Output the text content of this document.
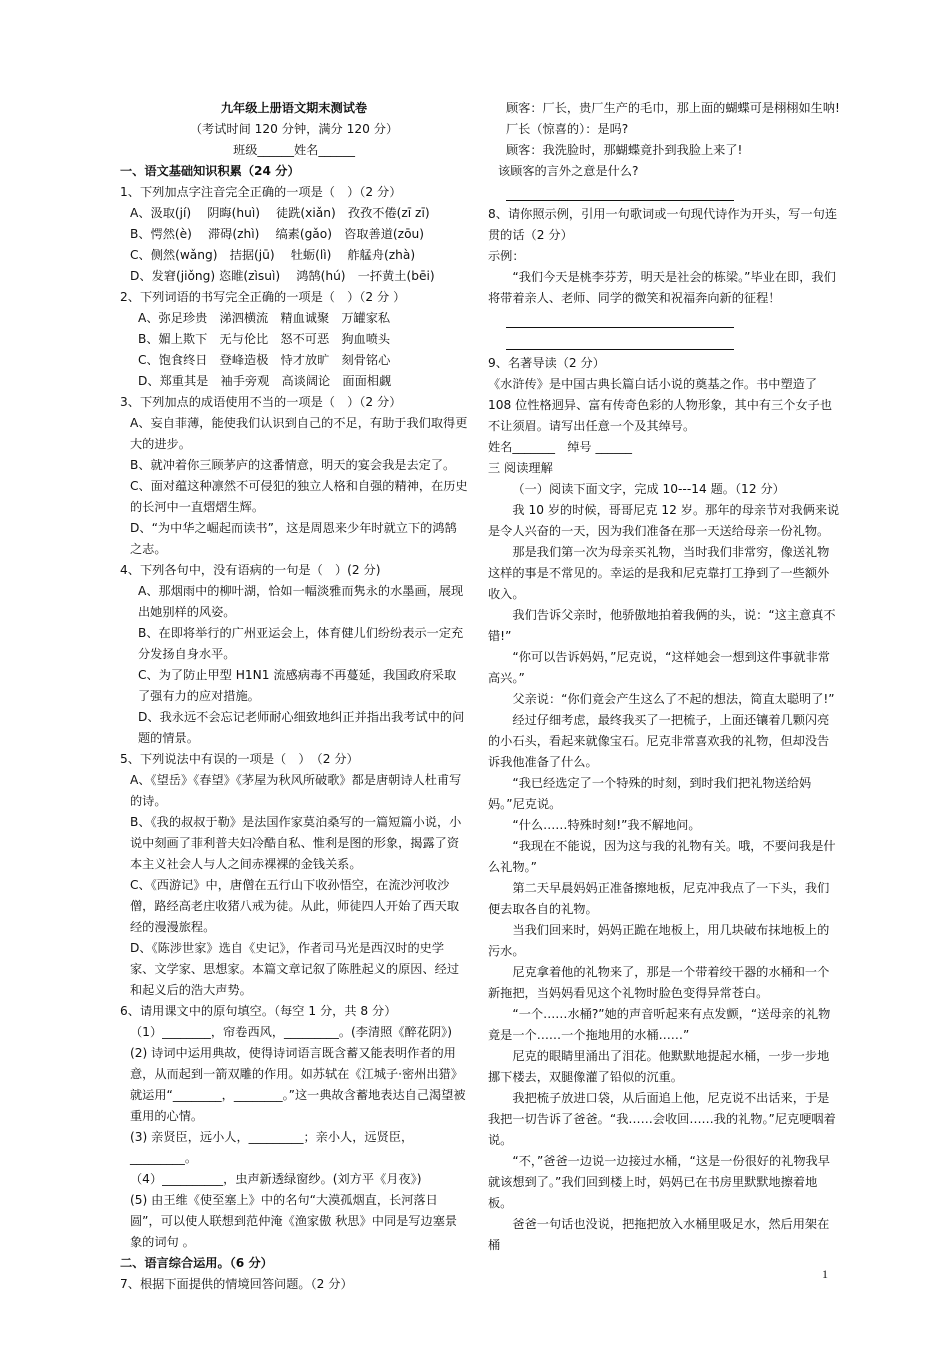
九年级上册语文期末测试卷

（考试时间 120 分钟，满分 120 分）

班级______姓名______

一、语文基础知识积累（24 分）

1、下列加点字注音完全正确的一项是（　）（2 分）

A、汲取(jí)　 阴晦(huì)　 徒跣(xiǎn)　孜孜不倦(zī zī)

B、愕然(è)　 滞碍(zhì)　 缟素(gǎo)　咨取善道(zōu)

C、侧然(wǎng)　拮据(jū)　 牡蛎(lì)　 舴艋舟(zhà)

D、发窘(jiǒng) 恣睢(zìsuì)　 鸿鹄(hú)　一抔黄土(bēi)

2、下列词语的书写完全正确的一项是（　）（2 分 ）

A、弥足珍贵　涕泗横流　精血诚聚　万罐家私

B、媚上欺下　无与伦比　怒不可恶　狗血喷头

C、饱食终日　登峰造极　恃才放旷　刻骨铭心

D、郑重其是　袖手旁观　高谈阔论　面面相觑

3、下列加点的成语使用不当的一项是（　）（2 分）

A、妄自菲薄，能使我们认识到自己的不足，有助于我们取得更大的进步。

B、就冲着你三顾茅庐的这番情意，明天的宴会我是去定了。

C、面对蕴这种凛然不可侵犯的独立人格和自强的精神，在历史的长河中一直熠熠生辉。

D、“为中华之崛起而读书”，这是周恩来少年时就立下的鸿鹄之志。

4、下列各句中，没有语病的一句是（　）(2 分)

A、那烟雨中的柳叶湖，恰如一幅淡雅而隽永的水墨画，展现出她别样的风姿。

B、在即将举行的广州亚运会上，体育健儿们纷纷表示一定充分发扬自身水平。

C、为了防止甲型 H1N1 流感病毒不再蔓延，我国政府采取了强有力的应对措施。

D、我永远不会忘记老师耐心细致地纠正并指出我考试中的问题的情景。

5、下列说法中有误的一项是（　）　（2 分）

A、《望岳》《春望》《茅屋为秋风所破歌》都是唐朝诗人杜甫写的诗。

B、《我的叔叔于勒》是法国作家莫泊桑写的一篇短篇小说，小说中刻画了菲利普夫妇冷酷自私、惟利是图的形象，揭露了资本主义社会人与人之间赤裸裸的金钱关系。

C、《西游记》中，唐僧在五行山下收孙悟空，在流沙河收沙僧，路经高老庄收猪八戒为徒。从此，师徒四人开始了西天取经的漫漫旅程。

D、《陈涉世家》选自《史记》，作者司马光是西汉时的史学家、文学家、思想家。本篇文章记叙了陈胜起义的原因、经过和起义后的浩大声势。

6、请用课文中的原句填空。（每空 1 分，共 8 分）

（1）________，帘卷西风，_________。(李清照《醉花阴》)

(2) 诗词中运用典故，使得诗词语言既含蓄又能表明作者的用意，从而起到一箭双雕的作用。如苏轼在《江城子·密州出猎》就运用“________，________。”这一典故含蓄地表达自己渴望被重用的心情。

(3) 亲贤臣，远小人，_________；亲小人，远贤臣，_________。

（4）__________，虫声新透绿窗纱。(刘方平《月夜》)

(5) 由王维《使至塞上》中的名句“大漠孤烟直，长河落日圆”，可以使人联想到范仲淹《渔家傲 秋思》中同是写边塞景象的词句 。

二、语言综合运用。（6 分）

7、根据下面提供的情境回答问题。（2 分）

顾客：厂长，贵厂生产的毛巾，那上面的蝴蝶可是栩栩如生呐!

厂长（惊喜的）：是吗?

顾客：我洗脸时，那蝴蝶竟扑到我脸上来了!

该顾客的言外之意是什么?

8、请你照示例，引用一句歌词或一句现代诗作为开头，写一句连贯的话（2 分）

示例：

“我们今天是桃李芬芳，明天是社会的栋梁。”毕业在即，我们将带着亲人、老师、同学的微笑和祝福奔向新的征程！

9、名著导读（2 分）

《水浒传》是中国古典长篇白话小说的奠基之作。书中塑造了 108 位性格迥异、富有传奇色彩的人物形象，其中有三个女子也不让须眉。请写出任意一个及其绰号。

姓名_______　绰号 ______

三 阅读理解

（一）阅读下面文字，完成 10---14 题。（12 分）

我 10 岁的时候，哥哥尼克 12 岁。那年的母亲节对我俩来说是令人兴奋的一天，因为我们准备在那一天送给母亲一份礼物。

那是我们第一次为母亲买礼物，当时我们非常穷，像送礼物这样的事是不常见的。幸运的是我和尼克靠打工挣到了一些额外收入。

我们告诉父亲时，他骄傲地拍着我俩的头，说：“这主意真不错!”

“你可以告诉妈妈，”尼克说，“这样她会一想到这件事就非常高兴。”

父亲说：“你们竟会产生这么了不起的想法，简直太聪明了!”

经过仔细考虑，最终我买了一把梳子，上面还镶着几颗闪亮的小石头，看起来就像宝石。尼克非常喜欢我的礼物，但却没告诉我他准备了什么。

“我已经选定了一个特殊的时刻，到时我们把礼物送给妈妈。”尼克说。

“什么……特殊时刻!”我不解地问。

“我现在不能说，因为这与我的礼物有关。哦，不要问我是什么礼物。”

第二天早晨妈妈正准备擦地板，尼克冲我点了一下头，我们便去取各自的礼物。

当我们回来时，妈妈正跪在地板上，用几块破布抹地板上的污水。

尼克拿着他的礼物来了，那是一个带着绞干器的水桶和一个新拖把，当妈妈看见这个礼物时脸色变得异常苍白。

“一个……水桶?”她的声音听起来有点发颤，“送母亲的礼物竟是一个……一个拖地用的水桶……”

尼克的眼睛里涌出了泪花。他默默地提起水桶，一步一步地挪下楼去，双腿像灌了铅似的沉重。

我把梳子放进口袋，从后面追上他，尼克说不出话来，于是我把一切告诉了爸爸。“我……会收回……我的礼物。”尼克哽咽着说。

“不，”爸爸一边说一边接过水桶，“这是一份很好的礼物我早就该想到了。”我们回到楼上时，妈妈已在书房里默默地擦着地板。

爸爸一句话也没说，把拖把放入水桶里吸足水，然后用架在桶

1
